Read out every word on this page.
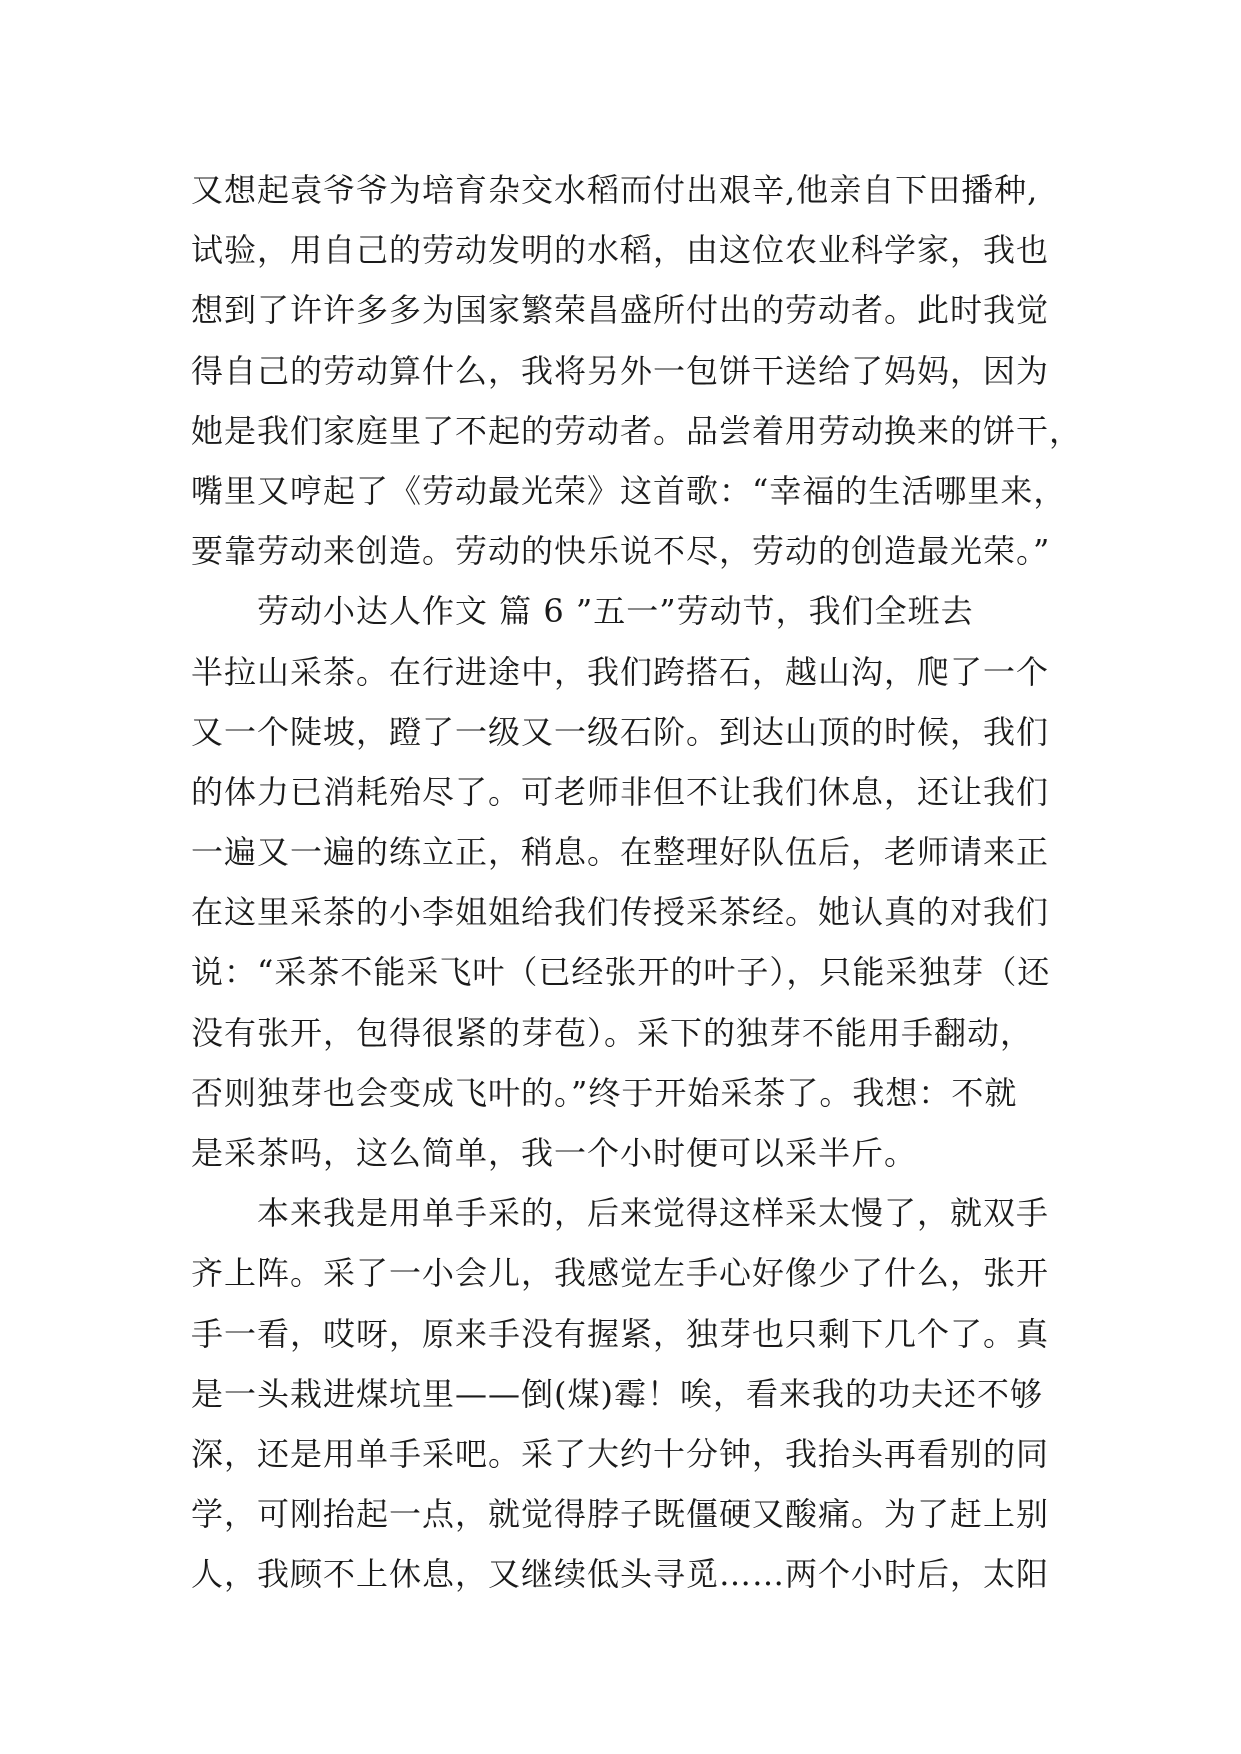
又想起袁爷爷为培育杂交水稻而付出艰辛,他亲自下田播种,
试验，用自己的劳动发明的水稻，由这位农业科学家，我也
想到了许许多多为国家繁荣昌盛所付出的劳动者。此时我觉
得自己的劳动算什么，我将另外一包饼干送给了妈妈，因为
她是我们家庭里了不起的劳动者。品尝着用劳动换来的饼干，
嘴里又哼起了《劳动最光荣》这首歌：“幸福的生活哪里来，
要靠劳动来创造。劳动的快乐说不尽，劳动的创造最光荣。”
劳动小达人作文 篇 6 ”五一”劳动节，我们全班去
半拉山采茶。在行进途中，我们跨搭石，越山沟，爬了一个
又一个陡坡，蹬了一级又一级石阶。到达山顶的时候，我们
的体力已消耗殆尽了。可老师非但不让我们休息，还让我们
一遍又一遍的练立正，稍息。在整理好队伍后，老师请来正
在这里采茶的小李姐姐给我们传授采茶经。她认真的对我们
说：“采茶不能采飞叶（已经张开的叶子），只能采独芽（还
没有张开，包得很紧的芽苞）。采下的独芽不能用手翻动，
否则独芽也会变成飞叶的。”终于开始采茶了。我想：不就
是采茶吗，这么简单，我一个小时便可以采半斤。
本来我是用单手采的，后来觉得这样采太慢了，就双手
齐上阵。采了一小会儿，我感觉左手心好像少了什么，张开
手一看，哎呀，原来手没有握紧，独芽也只剩下几个了。真
是一头栽进煤坑里——倒(煤)霉！唉，看来我的功夫还不够
深，还是用单手采吧。采了大约十分钟，我抬头再看别的同
学，可刚抬起一点，就觉得脖子既僵硬又酸痛。为了赶上别
人，我顾不上休息，又继续低头寻觅……两个小时后，太阳
